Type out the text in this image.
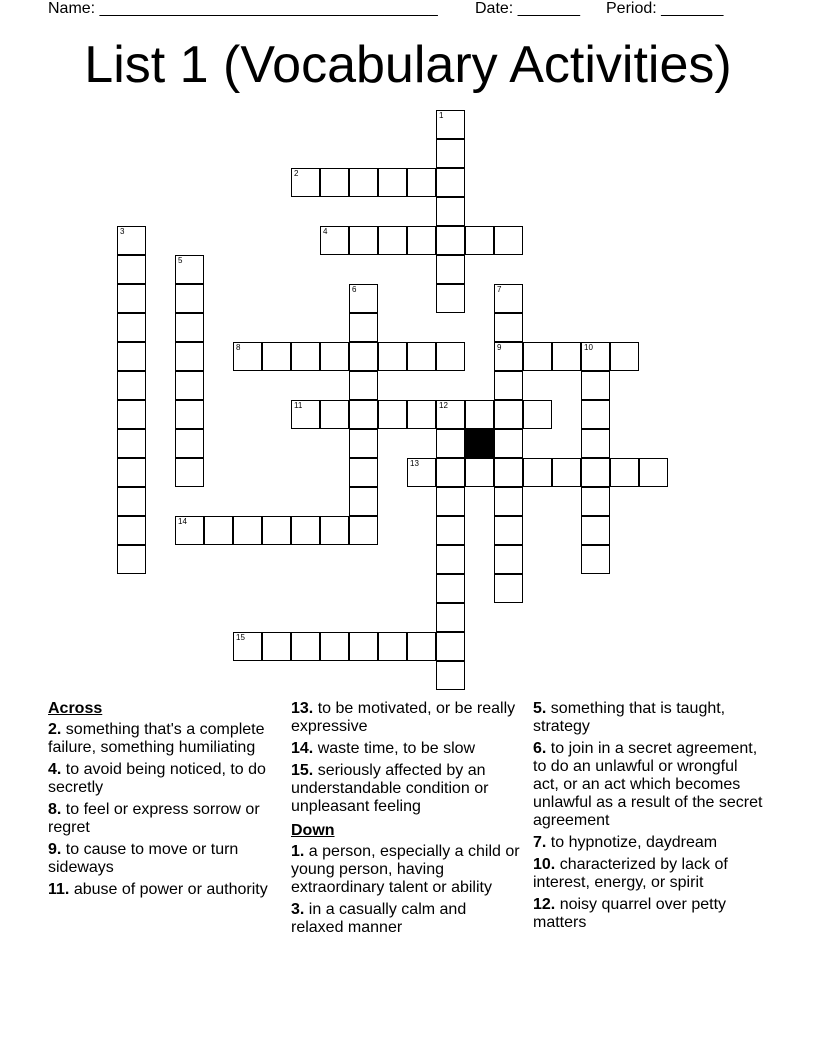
Name: ______________________________________

Date: _______

Period: _______

List 1 (Vocabulary Activities)
1
2
3	4
5
6	7
9
8	10
11	12
13
14
15
Across
2. something that's a complete failure, something humiliating
4. to avoid being noticed, to do secretly
8. to feel or express sorrow or regret
9. to cause to move or turn sideways
11. abuse of power or authority
13. to be motivated, or be really expressive
14. waste time, to be slow
15. seriously affected by an understandable condition or unpleasant feeling
Down
1. a person, especially a child or young person, having extraordinary talent or ability
3. in a casually calm and relaxed manner
5. something that is taught, strategy
6. to join in a secret agreement, to do an unlawful or wrongful act, or an act which becomes unlawful as a result of the secret agreement
7. to hypnotize, daydream
10. characterized by lack of interest, energy, or spirit
12. noisy quarrel over petty matters
